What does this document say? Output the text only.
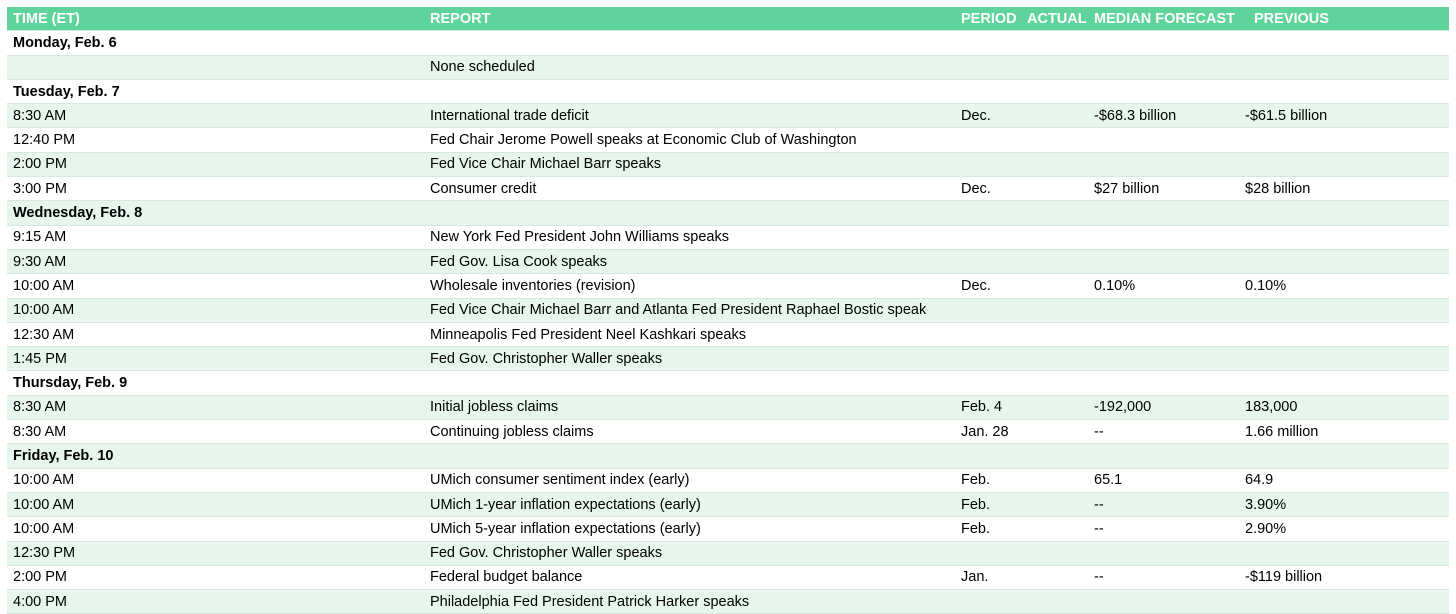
TIME (ET)	REPORT	PERIOD	ACTUAL	MEDIAN FORECAST	PREVIOUS
Monday, Feb. 6					
	None scheduled				
Tuesday, Feb. 7					
8:30 AM	International trade deficit	Dec.		-$68.3 billion	-$61.5 billion
12:40 PM	Fed Chair Jerome Powell speaks at Economic Club of Washington				
2:00 PM	Fed Vice Chair Michael Barr speaks				
3:00 PM	Consumer credit	Dec.		$27 billion	$28 billion
Wednesday, Feb. 8					
9:15 AM	New York Fed President John Williams speaks				
9:30 AM	Fed Gov. Lisa Cook speaks				
10:00 AM	Wholesale inventories (revision)	Dec.		0.10%	0.10%
10:00 AM	Fed Vice Chair Michael Barr and Atlanta Fed President Raphael Bostic speak				
12:30 AM	Minneapolis Fed President Neel Kashkari speaks				
1:45 PM	Fed Gov. Christopher Waller speaks				
Thursday, Feb. 9					
8:30 AM	Initial jobless claims	Feb. 4		-192,000	183,000
8:30 AM	Continuing jobless claims	Jan. 28		--	1.66 million
Friday, Feb. 10					
10:00 AM	UMich consumer sentiment index (early)	Feb.		65.1	64.9
10:00 AM	UMich 1-year inflation expectations (early)	Feb.		--	3.90%
10:00 AM	UMich 5-year inflation expectations (early)	Feb.		--	2.90%
12:30 PM	Fed Gov. Christopher Waller speaks				
2:00 PM	Federal budget balance	Jan.		--	-$119 billion
4:00 PM	Philadelphia Fed President Patrick Harker speaks				
